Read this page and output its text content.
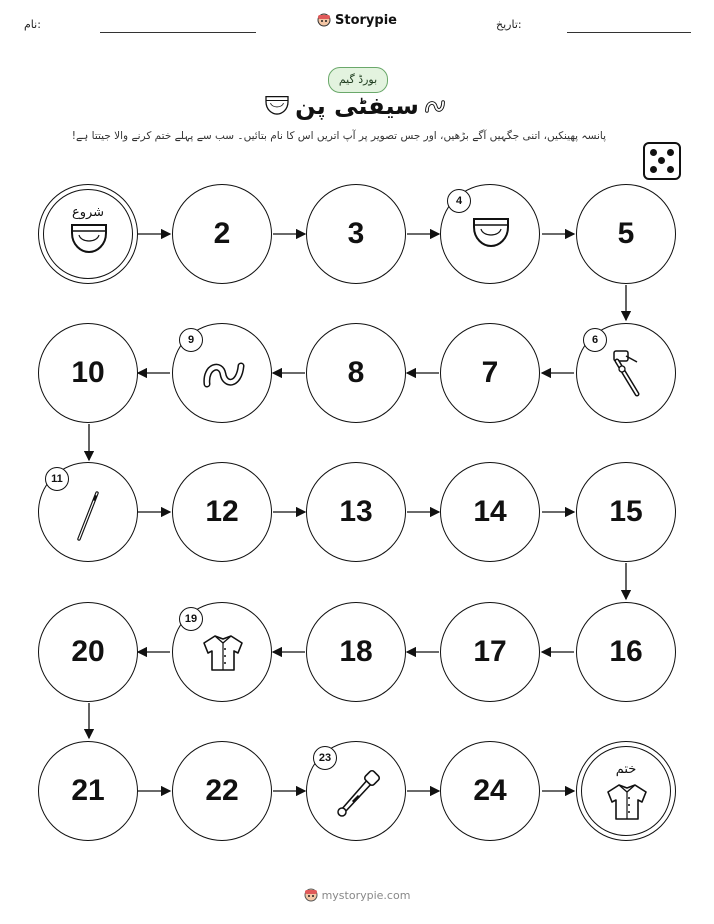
نام:	Storypie	تاریخ:
بورڈ گیم
سیفٹی پن
پانسہ پھینکیں، اتنی جگہیں آگے بڑھیں، اور جس تصویر پر آپ اتریں اس کا نام بتائیں۔ سب سے پہلے ختم کرنے والا جیتتا ہے!
شروع
2	3
4
5
10
9
8	7
6
11
12	13	14	15
20
19
18	17	16
21	22
23
24
ختم
mystorypie.com
